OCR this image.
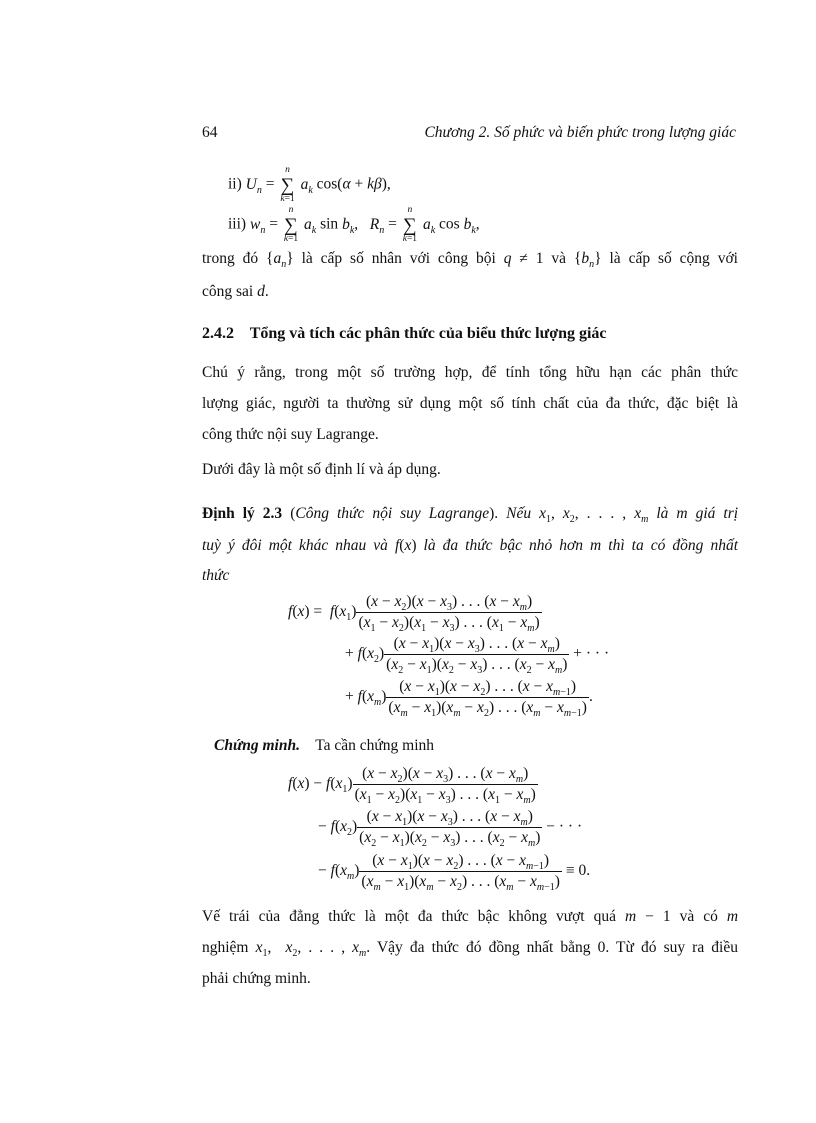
64	Chương 2. Số phức và biến phức trong lượng giác
ii) $U_n$ =
n
∑
k=1
$a_k$ cos(α + kβ),
iii) $w_n$ =
n
∑
k=1
$a_k$ $\sin b_k$,   $R_n$ =
n
∑
k=1
$a_k$ $\cos b_k$,
trong đó $\{a_n\}$ là cấp số nhân với công bội q ≠ 1 và $\{b_n\}$ là cấp số cộng với
công sai d.
2.4.2 Tổng và tích các phân thức của biểu thức lượng giác
Chú ý rằng, trong một số trường hợp, để tính tổng hữu hạn các phân thức
lượng giác, người ta thường sử dụng một số tính chất của đa thức, đặc biệt là
công thức nội suy Lagrange.
Dưới đây là một số định lí và áp dụng.
Định lý 2.3 (Công thức nội suy Lagrange). Nếu $x_1$, $x_2$, . . . , $x_m$ là m giá trị
tuỳ ý đôi một khác nhau và f(x) là đa thức bậc nhỏ hơn m thì ta có đồng nhất
thức
$f(x) = f(x_1) \frac{(x - x_2)(x - x_3) . . . (x - x_m)}{(x_1 - x_2)(x_1 - x_3) . . . (x_1 - x_m)}$
+ $f(x_2) \frac{(x - x_1)(x - x_3) . . . (x - x_m)}{(x_2 - x_1)(x_2 - x_3) . . . (x_2 - x_m)}$ + · · ·
+ $f(x_m) \frac{(x - x_1)(x - x_2) . . . (x - x_{m-1})}{(x_m - x_1)(x_m - x_2) . . . (x_m - x_{m-1})}$ .
Chứng minh. Ta cần chứng minh
$f(x) - f(x_1) \frac{(x - x_2)(x - x_3) . . . (x - x_m)}{(x_1 - x_2)(x_1 - x_3) . . . (x_1 - x_m)}$
− $f(x_2) \frac{(x - x_1)(x - x_3) . . . (x - x_m)}{(x_2 - x_1)(x_2 - x_3) . . . (x_2 - x_m)}$ − · · ·
− $f(x_m) \frac{(x - x_1)(x - x_2) . . . (x - x_{m-1})}{(x_m - x_1)(x_m - x_2) . . . (x_m - x_{m-1})} \equiv 0$.
Vế trái của đẳng thức là một đa thức bậc không vượt quá m − 1 và có m
nghiệm $x_1$,  $x_2$, . . . , $x_m$. Vậy đa thức đó đồng nhất bằng 0. Từ đó suy ra điều
phải chứng minh.
